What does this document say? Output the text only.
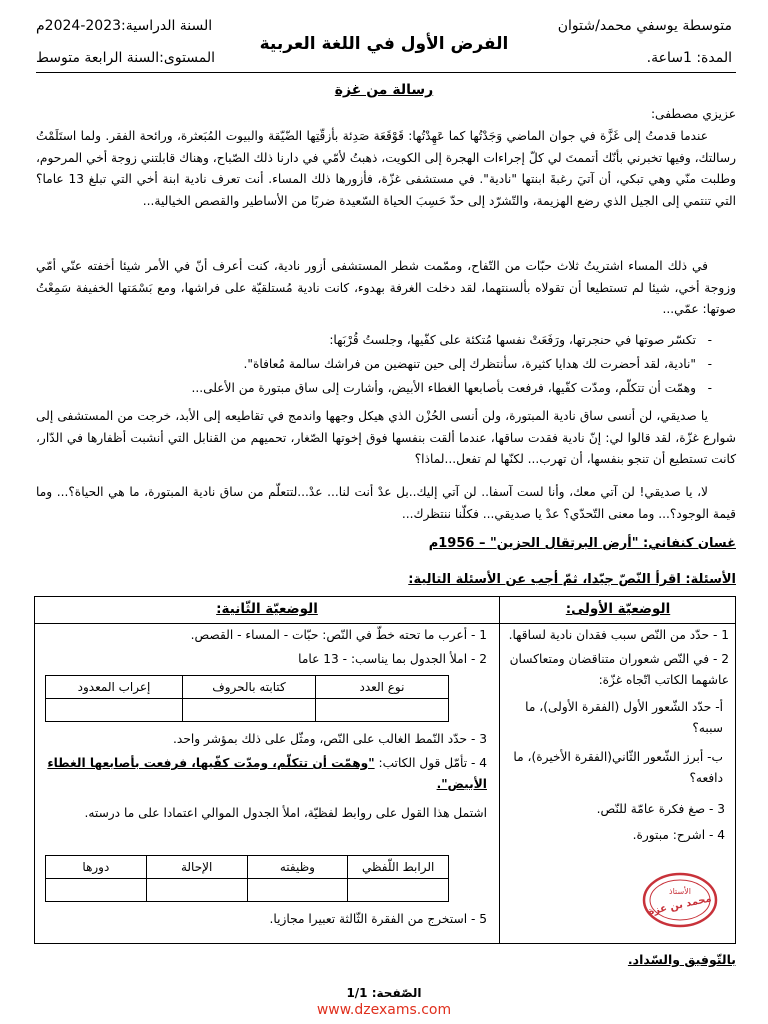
متوسطة يوسفي محمد/شتوان
السنة الدراسية:2023-2024م
الفرض الأول في اللغة العربية
المدة: 1ساعة.
المستوى:السنة الرابعة متوسط
رسالة من غزة
عزيزي مصطفى:
عندما قدمتُ إلى غَزَّة في جوان الماضي وَجَدْتُها كما عَهِدْتُها: قَوْقَعَة صَدِئة بأزقّتِها الضّيّقة والبيوت المُبَعثرة، ورائحة الفقر. ولما استَلَمْتُ رسالتك، وفيها تخبرني بأنّك أتممتَ لي كلّ إجراءات الهجرة إلى الكويت، ذهبتُ لأمّي في دارنا ذلك الصّباح، وهناك قابلتني زوجة أخي المرحوم، وطلبت منّي وهي تبكي، أن آتيَ رغبةَ ابنتها "نادية". في مستشفى غزّة، فأزورها ذلك المساء. أنت تعرف نادية ابنة أخي التي تبلغ 13 عاما؟ التي تنتمي إلى الجيل الذي رضع الهزيمة، والتّشرّد إلى حدّ حَسِبَ الحياة السّعيدة ضربًا من الأساطير والقصص الخيالية...
في ذلك المساء اشتريتُ ثلاث حبّات من التّفاح، وممّمت شطر المستشفى أزور نادية، كنت أعرف أنّ في الأمر شيئا أخفته عنّي أمّي وزوجة أخي، شيئا لم تستطيعا أن تقولاه بألسنتهما، لقد دخلت الغرفة بهدوء، كانت نادية مُستلقيّة على فراشها، ومع بَسْمَتها الخفيفة سَمِعْتُ صوتها: عمّي...
- تكسّر صوتها في حنجرتها، ورَفَعَتْ نفسها مُتكئة على كفّيها، وجلستُ قُرْبَها:
- "نادية، لقد أحضرت لك هدايا كثيرة، سأنتظرك إلى حين تنهضين من فراشك سالمة مُعافاة".
- وهمّت أن تتكلّم، ومدّت كفّيها، فرفعت بأصابعها الغطاء الأبيض، وأشارت إلى ساق مبتورة من الأعلى...
يا صديقي، لن أنسى ساق نادية المبتورة، ولن أنسى الحُزْن الذي هيكل وجهها واندمج في تقاطيعه إلى الأبد، خرجت من المستشفى إلى شوارع غزّة، لقد قالوا لي: إنّ نادية فقدت ساقها، عندما ألقت بنفسها فوق إخوتها الصّغار، تحميهم من القنابل التي أنشبت أظفارها في الدّار، كانت تستطيع أن تنجو بنفسها، أن تهرب... لكنّها لم تفعل...لماذا؟
لا، يا صديقي! لن آتي معك، وأنا لست آسفا.. لن آتي إليك..بل عدْ أنت لنا... عدْ...لتتعلّم من ساق نادية المبتورة، ما هي الحياة؟... وما قيمة الوجود؟... وما معنى التّحدّي؟ عدْ يا صديقي... فكلّنا ننتظرك...
غسان كنفاني: "أرض البرتقال الحزين" – 1956م
الأسئلة: اقرأ النّصّ جيّدا، ثمّ أجب عن الأسئلة التالية:
الوضعيّة الأولى:
الوضعيّة الثّانية:
1 - حدّد من النّص سبب فقدان نادية لساقها.
2 - في النّص شعوران متناقضان ومتعاكسان عاشهما الكاتب اتّجاه غزّة:
أ- حدّد الشّعور الأول (الفقرة الأولى)، ما سببه؟
ب- أبرز الشّعور الثّاني(الفقرة الأخيرة)، ما دافعه؟
3 - صغ فكرة عامّة للنّص.
4 - اشرح: مبتورة.
1 - أعرب ما تحته خطّ في النّص: حبّات - المساء - القصص.
2 - املأ الجدول بما يناسب: - 13 عاما
نوع العدد	كتابته بالحروف	إعراب المعدود

3 - حدّد النّمط الغالب على النّص، ومثّل على ذلك بمؤشر واحد.
4 - تأمّل قول الكاتب: "وهمّت أن تتكلّم، ومدّت كفّيها، فرفعت بأصابعها الغطاء الأبيض".
اشتمل هذا القول على روابط لفظيّة، املأ الجدول الموالي اعتمادا على ما درسته.
الرابط اللّفظي	وظيفته	الإحالة	دورها

5 - استخرج من الفقرة الثّالثة تعبيرا مجازيا.
الأستاذ
محمد بن عزة
بالتّوفيق والسّداد.
الصّفحة: 1/1
www.dzexams.com
